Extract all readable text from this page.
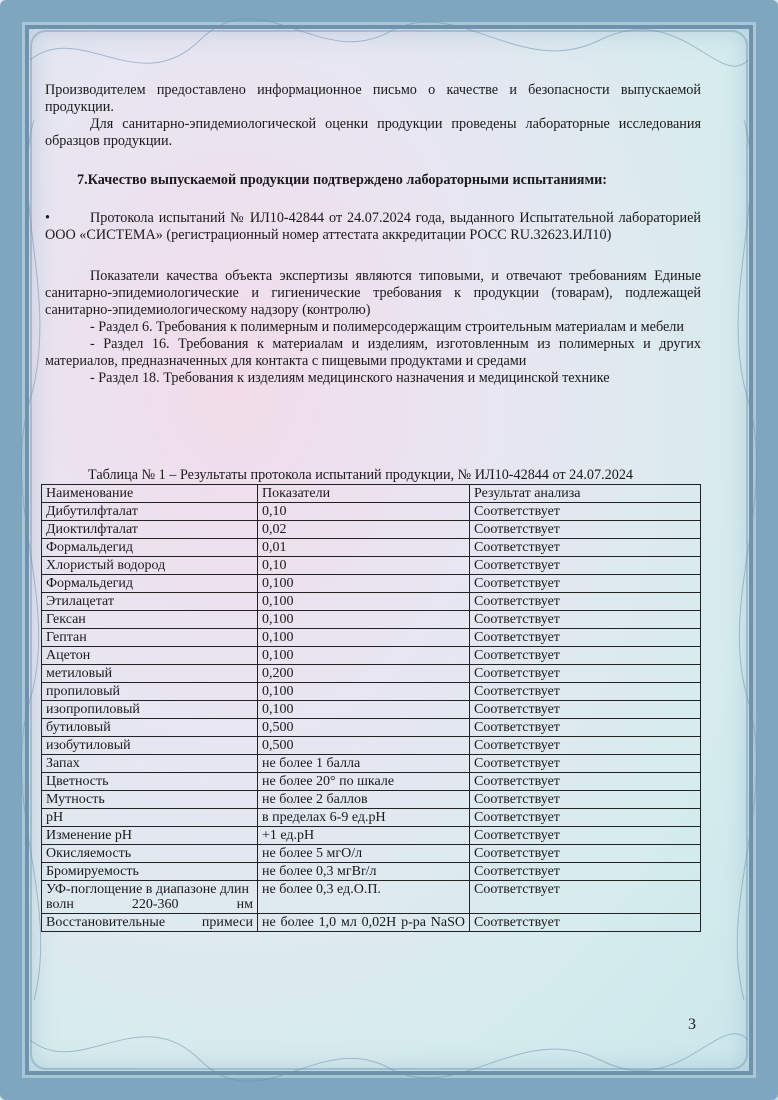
Производителем предоставлено информационное письмо о качестве и безопасности выпускаемой продукции.

Для санитарно-эпидемиологической оценки продукции проведены лабораторные исследования образцов продукции.

7.Качество выпускаемой продукции подтверждено лабораторными испытаниями:

•	Протокола испытаний № ИЛ10-42844 от 24.07.2024 года, выданного Испытательной лабораторией ООО «СИСТЕМА» (регистрационный номер аттестата аккредитации РОСС RU.32623.ИЛ10)

Показатели качества объекта экспертизы являются типовыми, и отвечают требованиям Единые санитарно-эпидемиологические и гигиенические требования к продукции (товарам), подлежащей санитарно-эпидемиологическому надзору (контролю)

- Раздел 6. Требования к полимерным и полимерсодержащим строительным материалам и мебели

- Раздел 16. Требования к материалам и изделиям, изготовленным из полимерных и других материалов, предназначенных для контакта с пищевыми продуктами и средами

- Раздел 18. Требования к изделиям медицинского назначения и медицинской технике

Таблица № 1 – Результаты протокола испытаний продукции, № ИЛ10-42844 от 24.07.2024
Наименование	Показатели	Результат анализа
Дибутилфталат	0,10	Соответствует
Диоктилфталат	0,02	Соответствует
Формальдегид	0,01	Соответствует
Хлористый водород	0,10	Соответствует
Формальдегид	0,100	Соответствует
Этилацетат	0,100	Соответствует
Гексан	0,100	Соответствует
Гептан	0,100	Соответствует
Ацетон	0,100	Соответствует
метиловый	0,200	Соответствует
пропиловый	0,100	Соответствует
изопропиловый	0,100	Соответствует
бутиловый	0,500	Соответствует
изобутиловый	0,500	Соответствует
Запах	не более 1 балла	Соответствует
Цветность	не более 20° по шкале	Соответствует
Мутность	не более 2 баллов	Соответствует
pH	в пределах 6-9 ед.pH	Соответствует
Изменение pH	+1 ед.pH	Соответствует
Окисляемость	не более 5 мгО/л	Соответствует
Бромируемость	не более 0,3 мгBr/л	Соответствует
УФ-поглощение в диапазоне длин волн 220-360 нм	не более 0,3 ед.О.П.	Соответствует
Восстановительные примеси	не более 1,0 мл 0,02Н р-ра NaSO	Соответствует
3
